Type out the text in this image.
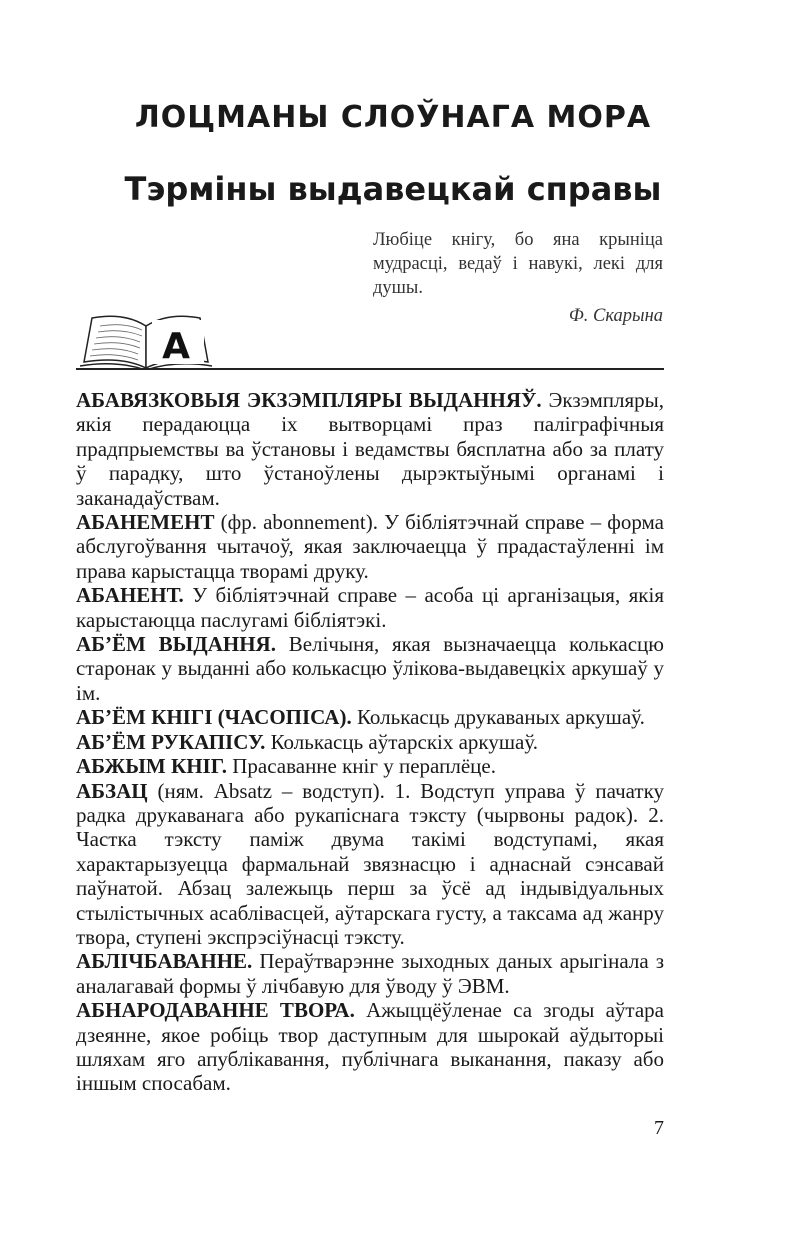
ЛОЦМАНЫ СЛОЎНАГА МОРА
Тэрміны выдавецкай справы
Любіце кнігу, бо яна крыніца мудрасці, ведаў і навукі, лекі для душы.
Ф. Скарына
А

АБАВЯЗКОВЫЯ ЭКЗЭМПЛЯРЫ ВЫДАННЯЎ. Экзэмпляры, якія перадаюцца іх вытворцамі праз паліграфічныя прадпрыемствы ва ўстановы і ведамствы бясплатна або за плату ў парадку, што ўстаноўлены дырэктыўнымі органамі і заканадаўствам.

АБАНЕМЕНТ (фр. abonnement). У бібліятэчнай справе – форма абслугоўвання чытачоў, якая заключаецца ў прадастаўленні ім права карыстацца творамі друку.

АБАНЕНТ. У бібліятэчнай справе – асоба ці арганізацыя, якія карыстаюцца паслугамі бібліятэкі.

АБ’ЁМ ВЫДАННЯ. Велічыня, якая вызначаецца колькасцю старонак у выданні або колькасцю ўлікова-выдавецкіх аркушаў у ім.

АБ’ЁМ КНІГІ (ЧАСОПІСА). Колькасць друкаваных аркушаў.

АБ’ЁМ РУКАПІСУ. Колькасць аўтарскіх аркушаў.

АБЖЫМ КНІГ. Прасаванне кніг у пераплёце.

АБЗАЦ (ням. Absatz – водступ). 1. Водступ управа ў пачатку радка друкаванага або рукапіснага тэксту (чырвоны радок). 2. Частка тэксту паміж двума такімі водступамі, якая характарызуецца фармальнай звязнасцю і аднаснай сэнсавай паўнатой. Абзац залежыць перш за ўсё ад індывідуальных стылістычных асаблівасцей, аўтарскага густу, а таксама ад жанру твора, ступені экспрэсіўнасці тэксту.

АБЛІЧБАВАННЕ. Пераўтварэнне зыходных даных арыгінала з аналагавай формы ў лічбавую для ўводу ў ЭВМ.

АБНАРОДАВАННЕ ТВОРА. Ажыццёўленае са згоды аўтара дзеянне, якое робіць твор даступным для шырокай аўдыторыі шляхам яго апублікавання, публічнага выканання, паказу або іншым спосабам.

7
